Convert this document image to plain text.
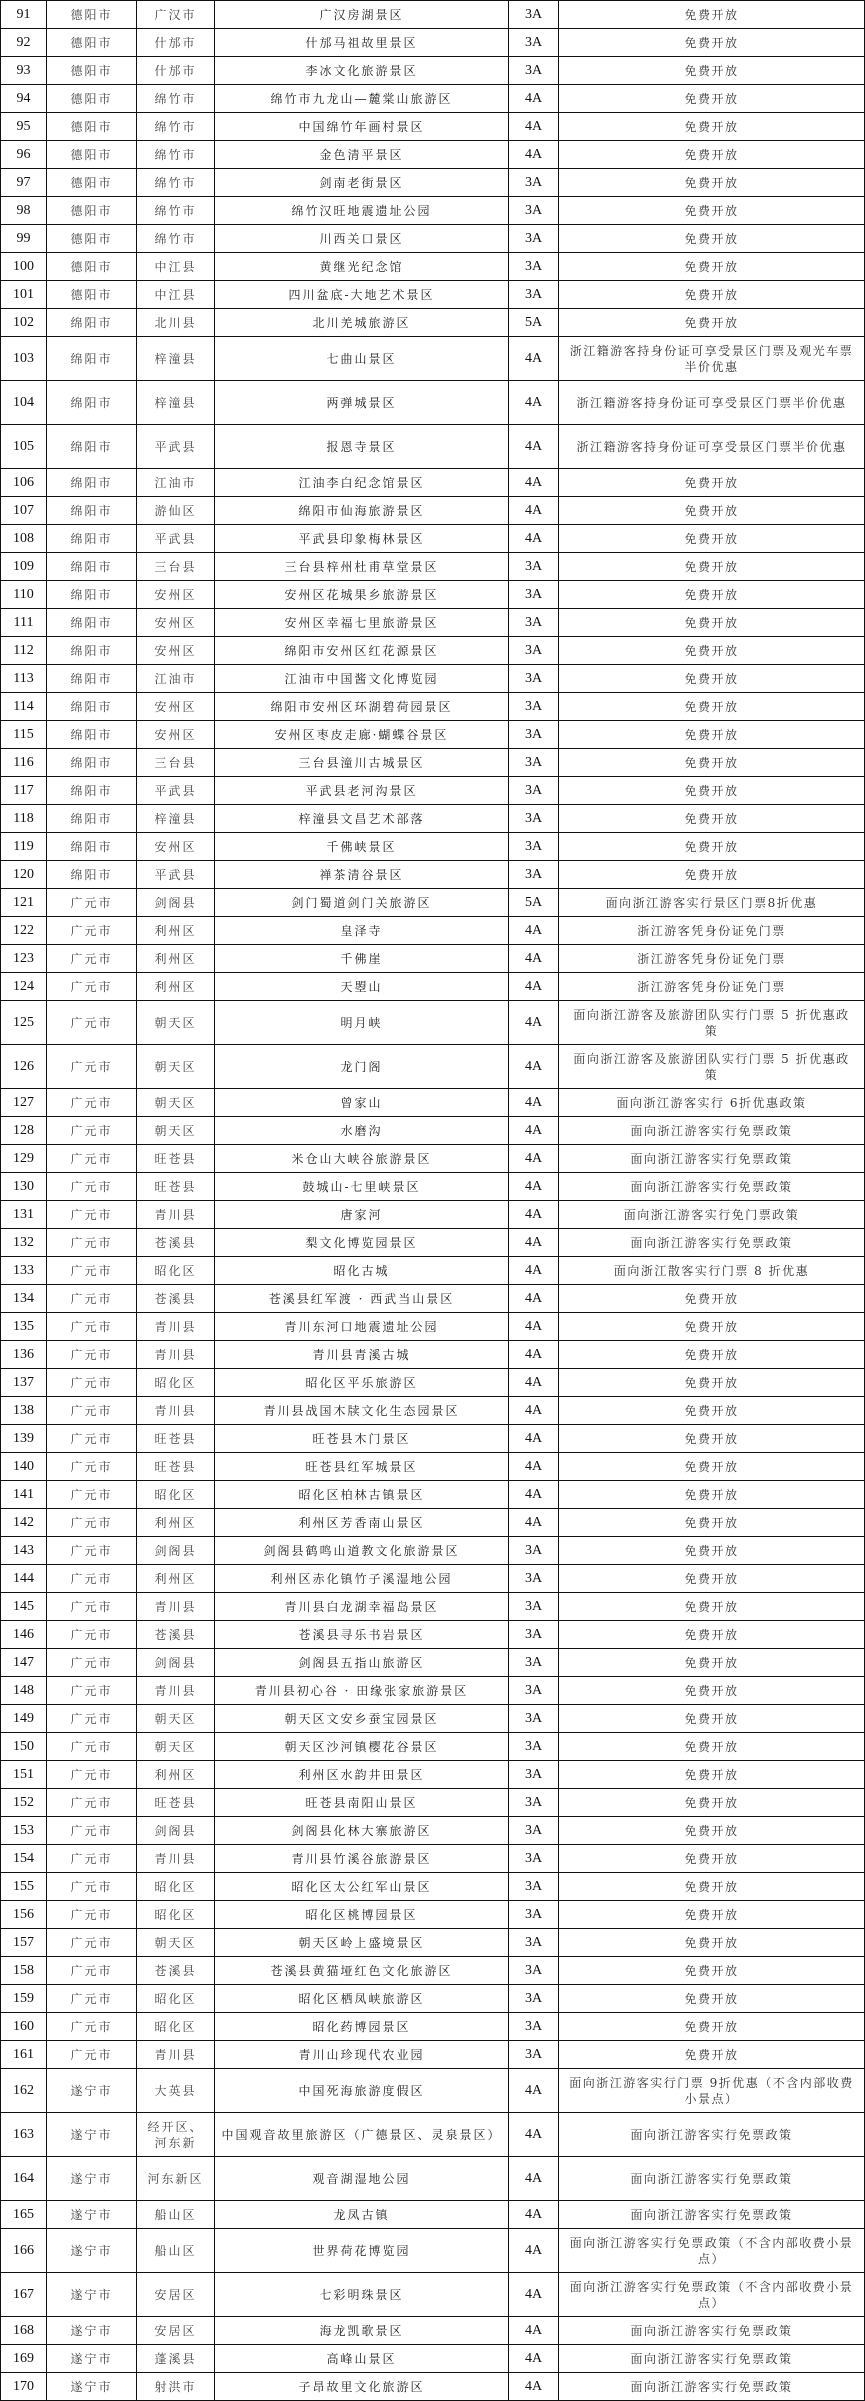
91	德阳市	广汉市	广汉房湖景区	3A	免费开放
92	德阳市	什邡市	什邡马祖故里景区	3A	免费开放
93	德阳市	什邡市	李冰文化旅游景区	3A	免费开放
94	德阳市	绵竹市	绵竹市九龙山—麓棠山旅游区	4A	免费开放
95	德阳市	绵竹市	中国绵竹年画村景区	4A	免费开放
96	德阳市	绵竹市	金色清平景区	4A	免费开放
97	德阳市	绵竹市	剑南老街景区	3A	免费开放
98	德阳市	绵竹市	绵竹汉旺地震遗址公园	3A	免费开放
99	德阳市	绵竹市	川西关口景区	3A	免费开放
100	德阳市	中江县	黄继光纪念馆	3A	免费开放
101	德阳市	中江县	四川盆底-大地艺术景区	3A	免费开放
102	绵阳市	北川县	北川羌城旅游区	5A	免费开放
103	绵阳市	梓潼县	七曲山景区	4A	浙江籍游客持身份证可享受景区门票及观光车票半价优惠
104	绵阳市	梓潼县	两弹城景区	4A	浙江籍游客持身份证可享受景区门票半价优惠
105	绵阳市	平武县	报恩寺景区	4A	浙江籍游客持身份证可享受景区门票半价优惠
106	绵阳市	江油市	江油李白纪念馆景区	4A	免费开放
107	绵阳市	游仙区	绵阳市仙海旅游景区	4A	免费开放
108	绵阳市	平武县	平武县印象梅林景区	4A	免费开放
109	绵阳市	三台县	三台县梓州杜甫草堂景区	3A	免费开放
110	绵阳市	安州区	安州区花城果乡旅游景区	3A	免费开放
111	绵阳市	安州区	安州区幸福七里旅游景区	3A	免费开放
112	绵阳市	安州区	绵阳市安州区红花源景区	3A	免费开放
113	绵阳市	江油市	江油市中国酱文化博览园	3A	免费开放
114	绵阳市	安州区	绵阳市安州区环湖碧荷园景区	3A	免费开放
115	绵阳市	安州区	安州区枣皮走廊·蝴蝶谷景区	3A	免费开放
116	绵阳市	三台县	三台县潼川古城景区	3A	免费开放
117	绵阳市	平武县	平武县老河沟景区	3A	免费开放
118	绵阳市	梓潼县	梓潼县文昌艺术部落	3A	免费开放
119	绵阳市	安州区	千佛峡景区	3A	免费开放
120	绵阳市	平武县	禅茶清谷景区	3A	免费开放
121	广元市	剑阁县	剑门蜀道剑门关旅游区	5A	面向浙江游客实行景区门票8折优惠
122	广元市	利州区	皇泽寺	4A	浙江游客凭身份证免门票
123	广元市	利州区	千佛崖	4A	浙江游客凭身份证免门票
124	广元市	利州区	天曌山	4A	浙江游客凭身份证免门票
125	广元市	朝天区	明月峡	4A	面向浙江游客及旅游团队实行门票 5 折优惠政策
126	广元市	朝天区	龙门阁	4A	面向浙江游客及旅游团队实行门票 5 折优惠政策
127	广元市	朝天区	曾家山	4A	面向浙江游客实行 6折优惠政策
128	广元市	朝天区	水磨沟	4A	面向浙江游客实行免票政策
129	广元市	旺苍县	米仓山大峡谷旅游景区	4A	面向浙江游客实行免票政策
130	广元市	旺苍县	鼓城山-七里峡景区	4A	面向浙江游客实行免票政策
131	广元市	青川县	唐家河	4A	面向浙江游客实行免门票政策
132	广元市	苍溪县	梨文化博览园景区	4A	面向浙江游客实行免票政策
133	广元市	昭化区	昭化古城	4A	面向浙江散客实行门票 8 折优惠
134	广元市	苍溪县	苍溪县红军渡 · 西武当山景区	4A	免费开放
135	广元市	青川县	青川东河口地震遗址公园	4A	免费开放
136	广元市	青川县	青川县青溪古城	4A	免费开放
137	广元市	昭化区	昭化区平乐旅游区	4A	免费开放
138	广元市	青川县	青川县战国木牍文化生态园景区	4A	免费开放
139	广元市	旺苍县	旺苍县木门景区	4A	免费开放
140	广元市	旺苍县	旺苍县红军城景区	4A	免费开放
141	广元市	昭化区	昭化区柏林古镇景区	4A	免费开放
142	广元市	利州区	利州区芳香南山景区	4A	免费开放
143	广元市	剑阁县	剑阁县鹤鸣山道教文化旅游景区	3A	免费开放
144	广元市	利州区	利州区赤化镇竹子溪湿地公园	3A	免费开放
145	广元市	青川县	青川县白龙湖幸福岛景区	3A	免费开放
146	广元市	苍溪县	苍溪县寻乐书岩景区	3A	免费开放
147	广元市	剑阁县	剑阁县五指山旅游区	3A	免费开放
148	广元市	青川县	青川县初心谷 · 田缘张家旅游景区	3A	免费开放
149	广元市	朝天区	朝天区文安乡蚕宝园景区	3A	免费开放
150	广元市	朝天区	朝天区沙河镇樱花谷景区	3A	免费开放
151	广元市	利州区	利州区水韵井田景区	3A	免费开放
152	广元市	旺苍县	旺苍县南阳山景区	3A	免费开放
153	广元市	剑阁县	剑阁县化林大寨旅游区	3A	免费开放
154	广元市	青川县	青川县竹溪谷旅游景区	3A	免费开放
155	广元市	昭化区	昭化区太公红军山景区	3A	免费开放
156	广元市	昭化区	昭化区桃博园景区	3A	免费开放
157	广元市	朝天区	朝天区岭上盛境景区	3A	免费开放
158	广元市	苍溪县	苍溪县黄猫垭红色文化旅游区	3A	免费开放
159	广元市	昭化区	昭化区栖凤峡旅游区	3A	免费开放
160	广元市	昭化区	昭化药博园景区	3A	免费开放
161	广元市	青川县	青川山珍现代农业园	3A	免费开放
162	遂宁市	大英县	中国死海旅游度假区	4A	面向浙江游客实行门票 9折优惠（不含内部收费小景点）
163	遂宁市	经开区、河东新	中国观音故里旅游区（广德景区、灵泉景区）	4A	面向浙江游客实行免票政策
164	遂宁市	河东新区	观音湖湿地公园	4A	面向浙江游客实行免票政策
165	遂宁市	船山区	龙凤古镇	4A	面向浙江游客实行免票政策
166	遂宁市	船山区	世界荷花博览园	4A	面向浙江游客实行免票政策（不含内部收费小景点）
167	遂宁市	安居区	七彩明珠景区	4A	面向浙江游客实行免票政策（不含内部收费小景点）
168	遂宁市	安居区	海龙凯歌景区	4A	面向浙江游客实行免票政策
169	遂宁市	蓬溪县	高峰山景区	4A	面向浙江游客实行免票政策
170	遂宁市	射洪市	子昂故里文化旅游区	4A	面向浙江游客实行免票政策
